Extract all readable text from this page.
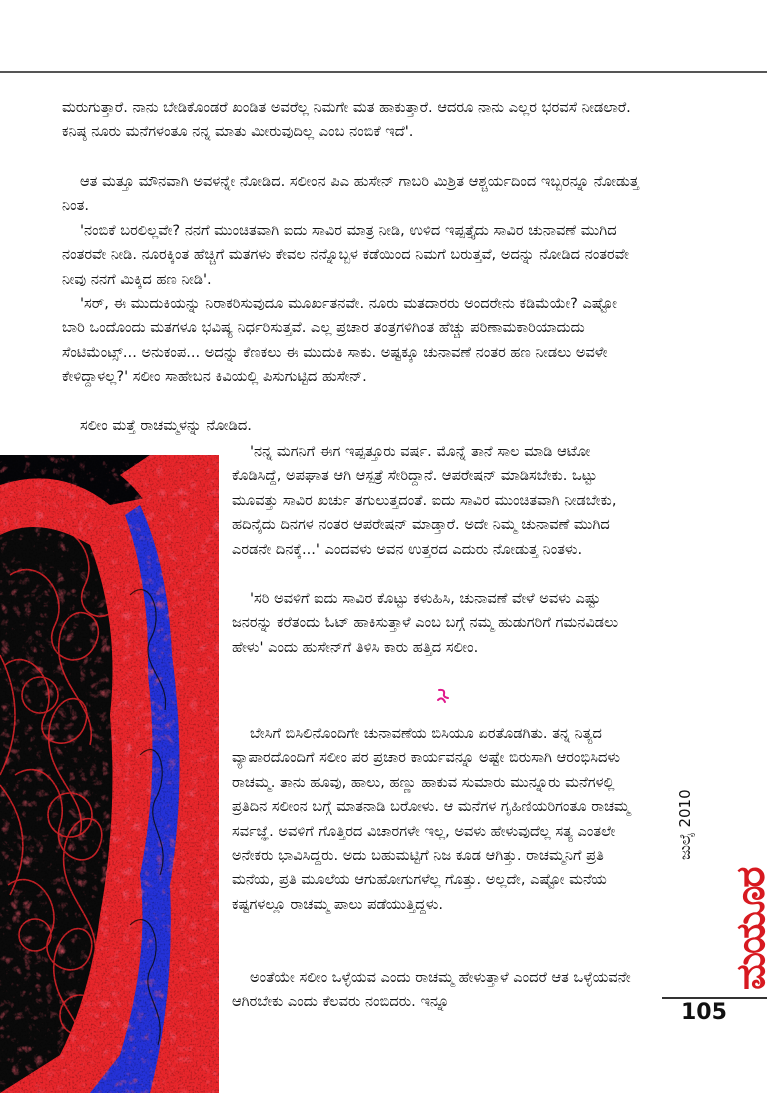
ಮರುಗುತ್ತಾರೆ. ನಾನು ಬೇಡಿಕೊಂಡರೆ ಖಂಡಿತ ಅವರೆಲ್ಲ ನಿಮಗೇ ಮತ ಹಾಕುತ್ತಾರೆ. ಆದರೂ ನಾನು ಎಲ್ಲರ ಭರವಸೆ ನೀಡಲಾರೆ. ಕನಿಷ್ಠ ನೂರು ಮನೆಗಳಂತೂ ನನ್ನ ಮಾತು ಮೀರುವುದಿಲ್ಲ ಎಂಬ ನಂಬಿಕೆ ಇದೆ'.

ಆತ ಮತ್ತೂ ಮೌನವಾಗಿ ಅವಳನ್ನೇ ನೋಡಿದ. ಸಲೀಂನ ಪಿಎ ಹುಸೇನ್ ಗಾಬರಿ ಮಿಶ್ರಿತ ಆಶ್ಚರ್ಯದಿಂದ ಇಬ್ಬರನ್ನೂ ನೋಡುತ್ತ ನಿಂತ.

'ನಂಬಿಕೆ ಬರಲಿಲ್ಲವೇ? ನನಗೆ ಮುಂಚಿತವಾಗಿ ಐದು ಸಾವಿರ ಮಾತ್ರ ನೀಡಿ, ಉಳಿದ ಇಪ್ಪತ್ತೈದು ಸಾವಿರ ಚುನಾವಣೆ ಮುಗಿದ ನಂತರವೇ ನೀಡಿ. ನೂರಕ್ಕಿಂತ ಹೆಚ್ಚಿಗೆ ಮತಗಳು ಕೇವಲ ನನ್ನೊಬ್ಬಳ ಕಡೆಯಿಂದ ನಿಮಗೆ ಬರುತ್ತವೆ, ಅದನ್ನು ನೋಡಿದ ನಂತರವೇ ನೀವು ನನಗೆ ಮಿಕ್ಕಿದ ಹಣ ನೀಡಿ'.

'ಸರ್, ಈ ಮುದುಕಿಯನ್ನು ನಿರಾಕರಿಸುವುದೂ ಮೂರ್ಖತನವೇ. ನೂರು ಮತದಾರರು ಅಂದರೇನು ಕಡಿಮೆಯೇ? ಎಷ್ಟೋ ಬಾರಿ ಒಂದೊಂದು ಮತಗಳೂ ಭವಿಷ್ಯ ನಿರ್ಧರಿಸುತ್ತವೆ. ಎಲ್ಲ ಪ್ರಚಾರ ತಂತ್ರಗಳಿಗಿಂತ ಹೆಚ್ಚು ಪರಿಣಾಮಕಾರಿಯಾದುದು ಸೆಂಟಿಮೆಂಟ್ಸ್... ಅನುಕಂಪ... ಅದನ್ನು ಕೆಣಕಲು ಈ ಮುದುಕಿ ಸಾಕು. ಅಷ್ಟಕ್ಕೂ ಚುನಾವಣೆ ನಂತರ ಹಣ ನೀಡಲು ಅವಳೇ ಕೇಳಿದ್ದಾಳಲ್ಲ?' ಸಲೀಂ ಸಾಹೇಬನ ಕಿವಿಯಲ್ಲಿ ಪಿಸುಗುಟ್ಟಿದ ಹುಸೇನ್.

ಸಲೀಂ ಮತ್ತೆ ರಾಚಮ್ಮಳನ್ನು ನೋಡಿದ.

'ನನ್ನ ಮಗನಿಗೆ ಈಗ ಇಪ್ಪತ್ತೂರು ವರ್ಷ. ಮೊನ್ನೆ ತಾನೆ ಸಾಲ ಮಾಡಿ ಆಟೋ ಕೊಡಿಸಿದ್ದೆ, ಅಪಘಾತ ಆಗಿ ಆಸ್ಪತ್ರೆ ಸೇರಿದ್ದಾನೆ. ಆಪರೇಷನ್ ಮಾಡಿಸಬೇಕು. ಒಟ್ಟು ಮೂವತ್ತು ಸಾವಿರ ಖರ್ಚು ತಗುಲುತ್ತದಂತೆ. ಐದು ಸಾವಿರ ಮುಂಚಿತವಾಗಿ ನೀಡಬೇಕು, ಹದಿನೈದು ದಿನಗಳ ನಂತರ ಆಪರೇಷನ್ ಮಾಡ್ತಾರೆ. ಅದೇ ನಿಮ್ಮ ಚುನಾವಣೆ ಮುಗಿದ ಎರಡನೇ ದಿನಕ್ಕೆ...' ಎಂದವಳು ಅವನ ಉತ್ತರದ ಎದುರು ನೋಡುತ್ತ ನಿಂತಳು.

'ಸರಿ ಅವಳಿಗೆ ಐದು ಸಾವಿರ ಕೊಟ್ಟು ಕಳುಹಿಸಿ, ಚುನಾವಣೆ ವೇಳೆ ಅವಳು ಎಷ್ಟು ಜನರನ್ನು ಕರೆತಂದು ಓಟ್ ಹಾಕಿಸುತ್ತಾಳೆ ಎಂಬ ಬಗ್ಗೆ ನಮ್ಮ ಹುಡುಗರಿಗೆ ಗಮನವಿಡಲು ಹೇಳು' ಎಂದು ಹುಸೇನ್‌ಗೆ ತಿಳಿಸಿ ಕಾರು ಹತ್ತಿದ ಸಲೀಂ.

ಬೇಸಿಗೆ ಬಿಸಿಲಿನೊಂದಿಗೇ ಚುನಾವಣೆಯ ಬಿಸಿಯೂ ಏರತೊಡಗಿತು. ತನ್ನ ನಿತ್ಯದ ವ್ಯಾಪಾರದೊಂದಿಗೆ ಸಲೀಂ ಪರ ಪ್ರಚಾರ ಕಾರ್ಯವನ್ನೂ ಅಷ್ಟೇ ಬಿರುಸಾಗಿ ಆರಂಭಿಸಿದಳು ರಾಚಮ್ಮ. ತಾನು ಹೂವು, ಹಾಲು, ಹಣ್ಣು ಹಾಕುವ ಸುಮಾರು ಮುನ್ನೂರು ಮನೆಗಳಲ್ಲಿ ಪ್ರತಿದಿನ ಸಲೀಂನ ಬಗ್ಗೆ ಮಾತನಾಡಿ ಬರೋಳು. ಆ ಮನೆಗಳ ಗೃಹಿಣಿಯರಿಗಂತೂ ರಾಚಮ್ಮ ಸರ್ವಜ್ಞೆ. ಅವಳಿಗೆ ಗೊತ್ತಿರದ ವಿಚಾರಗಳೇ ಇಲ್ಲ, ಅವಳು ಹೇಳುವುದೆಲ್ಲ ಸತ್ಯ ಎಂತಲೇ ಅನೇಕರು ಭಾವಿಸಿದ್ದರು. ಅದು ಬಹುಮಟ್ಟಿಗೆ ನಿಜ ಕೂಡ ಆಗಿತ್ತು. ರಾಚಮ್ಮನಿಗೆ ಪ್ರತಿ ಮನೆಯ, ಪ್ರತಿ ಮೂಲೆಯ ಆಗುಹೋಗುಗಳೆಲ್ಲ ಗೊತ್ತು. ಅಲ್ಲದೇ, ಎಷ್ಟೋ ಮನೆಯ ಕಷ್ಟಗಳಲ್ಲೂ ರಾಚಮ್ಮ ಪಾಲು ಪಡೆಯುತ್ತಿದ್ದಳು.

ಅಂತೆಯೇ ಸಲೀಂ ಒಳ್ಳೆಯವ ಎಂದು ರಾಚಮ್ಮ ಹೇಳುತ್ತಾಳೆ ಎಂದರೆ ಆತ ಒಳ್ಳೆಯವನೇ ಆಗಿರಬೇಕು ಎಂದು ಕೆಲವರು ನಂಬಿದರು. ಇನ್ನೂ

ಜುಲೈ 2010
ಮಯೂರ
105
